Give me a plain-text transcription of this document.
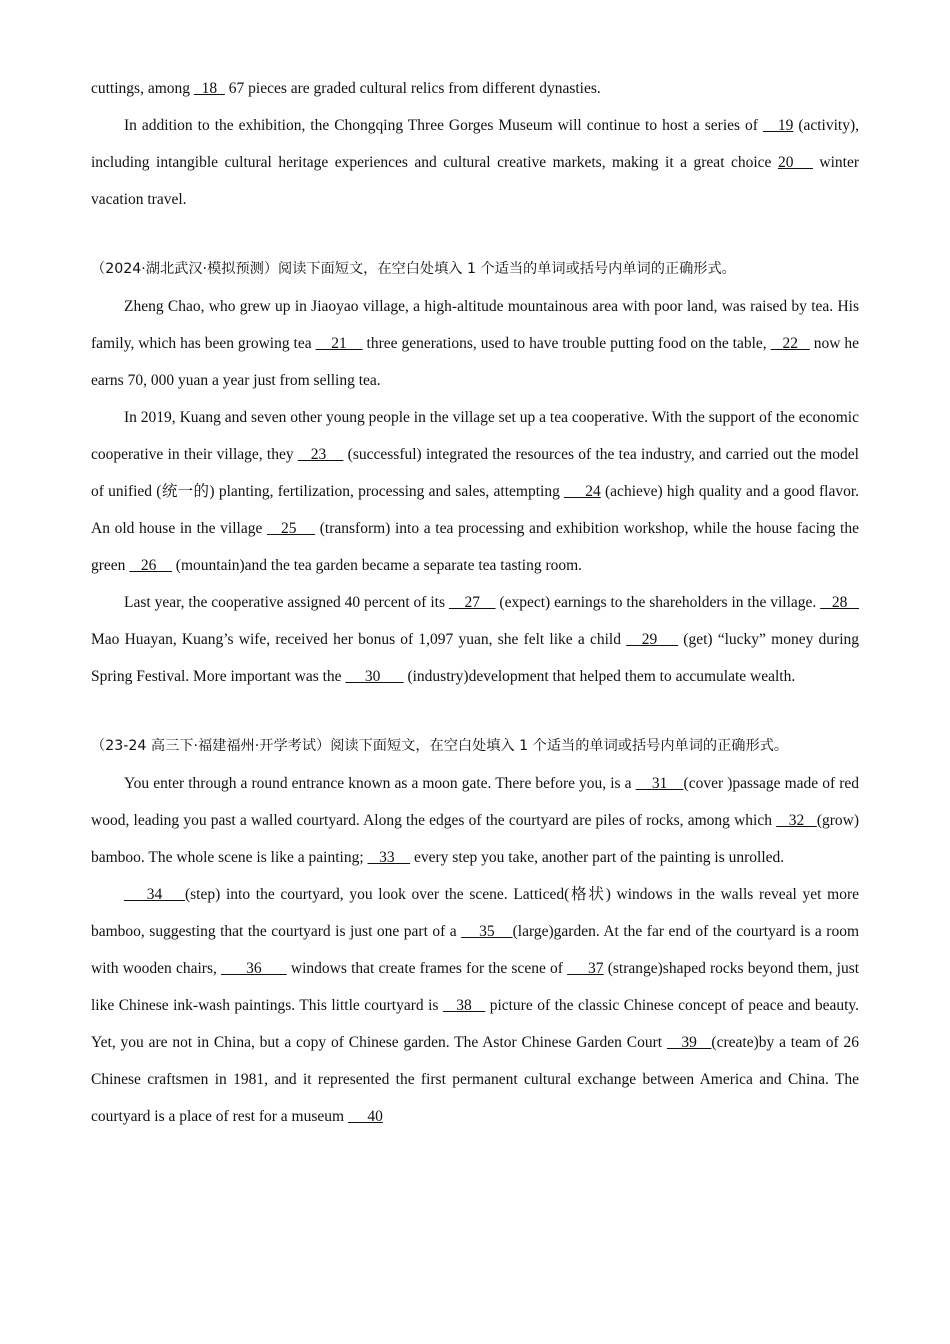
cuttings, among   18   67 pieces are graded cultural relics from different dynasties.

In addition to the exhibition, the Chongqing Three Gorges Museum will continue to host a series of    19 (activity), including intangible cultural heritage experiences and cultural creative markets, making it a great choice 20    winter vacation travel.

（2024·湖北武汉·模拟预测）阅读下面短文，在空白处填入 1 个适当的单词或括号内单词的正确形式。

Zheng Chao, who grew up in Jiaoyao village, a high-altitude mountainous area with poor land, was raised by tea. His family, which has been growing tea     21     three generations, used to have trouble putting food on the table,    22    now he earns 70, 000 yuan a year just from selling tea.

In 2019, Kuang and seven other young people in the village set up a tea cooperative. With the support of the economic cooperative in their village, they    23     (successful) integrated the resources of the tea industry, and carried out the model of unified (统一的) planting, fertilization, processing and sales, attempting      24 (achieve) high quality and a good flavor. An old house in the village    25     (transform) into a tea processing and exhibition workshop, while the house facing the green    26     (mountain)and the tea garden became a separate tea tasting room.

Last year, the cooperative assigned 40 percent of its     27     (expect) earnings to the shareholders in the village.    28    Mao Huayan, Kuang’s wife, received her bonus of 1,097 yuan, she felt like a child    29     (get) “lucky” money during Spring Festival. More important was the      30       (industry)development that helped them to accumulate wealth.

（23-24 高三下·福建福州·开学考试）阅读下面短文，在空白处填入 1 个适当的单词或括号内单词的正确形式。

You enter through a round entrance known as a moon gate. There before you, is a     31    (cover )passage made of red wood, leading you past a walled courtyard. Along the edges of the courtyard are piles of rocks, among which    32   (grow) bamboo. The whole scene is like a painting;    33     every step you take, another part of the painting is unrolled.

34    (step) into the courtyard, you look over the scene. Latticed(格状) windows in the walls reveal yet more bamboo, suggesting that the courtyard is just one part of a     35    (large)garden. At the far end of the courtyard is a room with wooden chairs,       36       windows that create frames for the scene of      37 (strange)shaped rocks beyond them, just like Chinese ink-wash paintings. This little courtyard is    38    picture of the classic Chinese concept of peace and beauty. Yet, you are not in China, but a copy of Chinese garden. The Astor Chinese Garden Court    39   (create)by a team of 26 Chinese craftsmen in 1981, and it represented the first permanent cultural exchange between America and China. The courtyard is a place of rest for a museum      40
